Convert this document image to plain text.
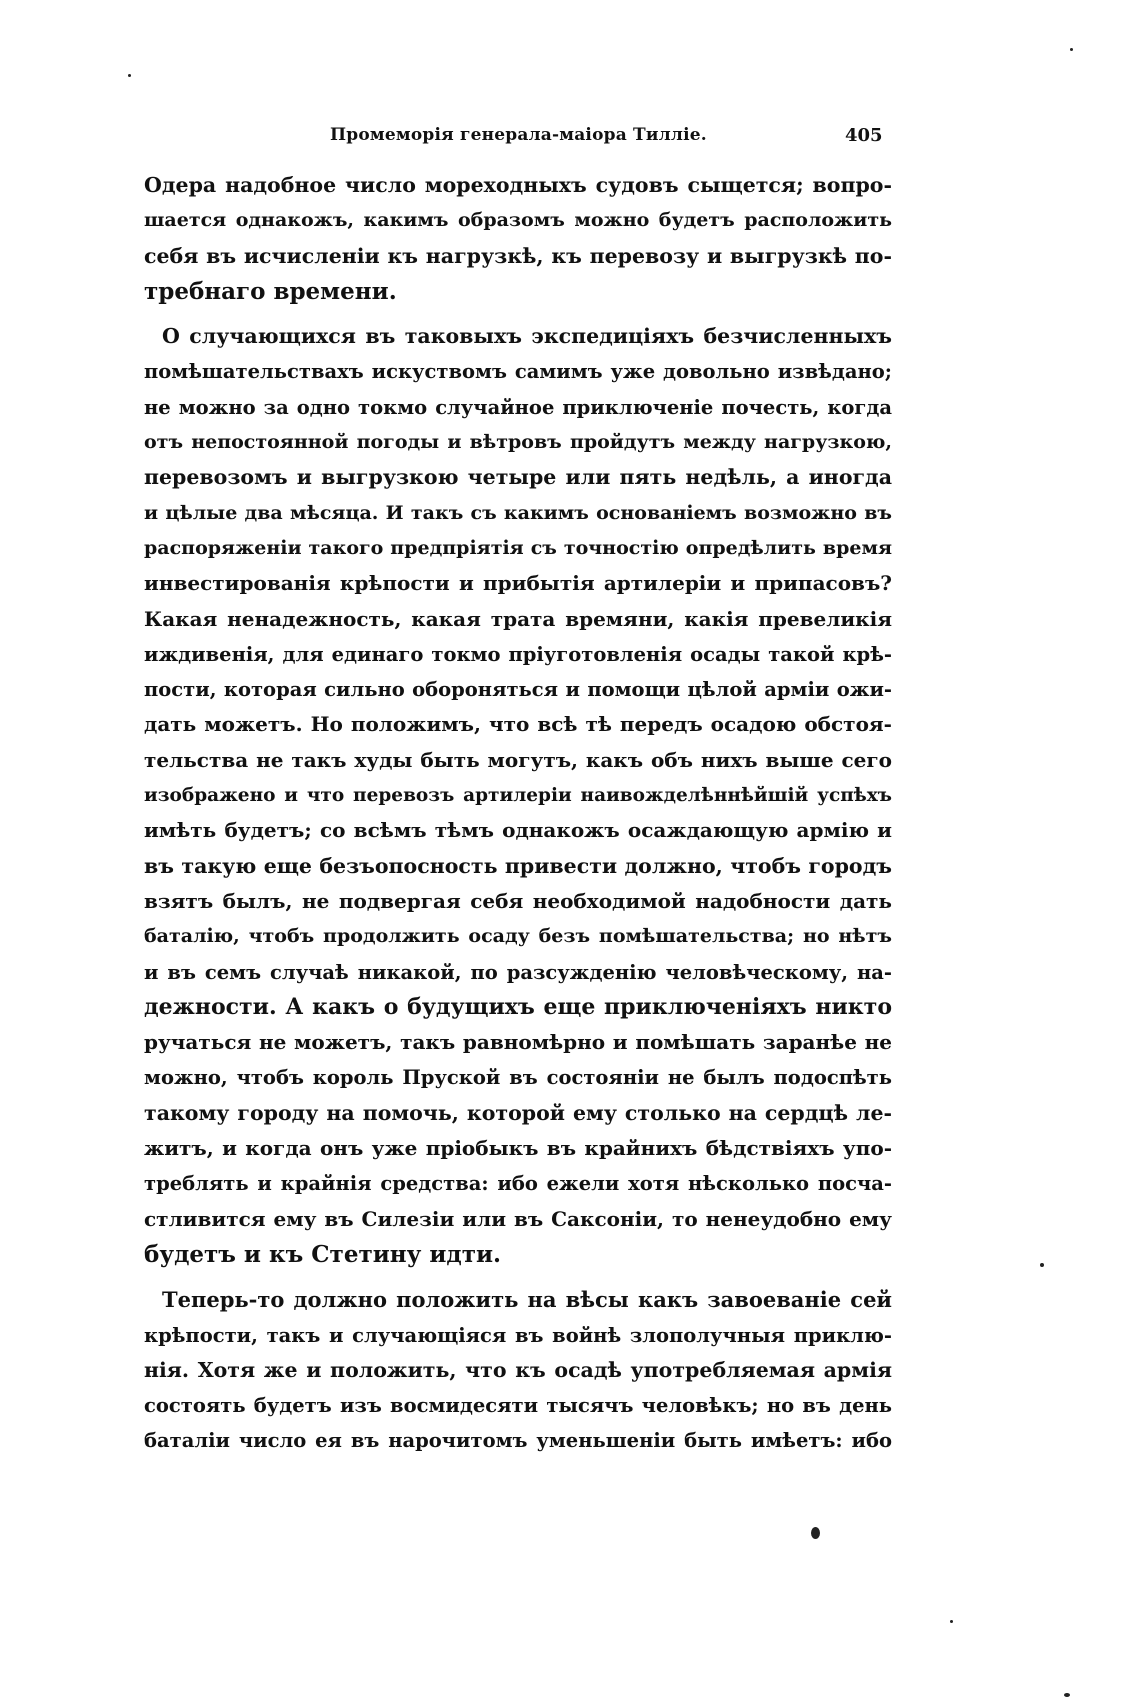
Промеморія генерала-маіора Тилліе.	405
Одера надобное число мореходныхъ судовъ сыщется; вопро-
шается однакожъ, какимъ образомъ можно будетъ расположить
себя въ исчисленіи къ нагрузкѣ, къ перевозу и выгрузкѣ по-
требнаго времени.
О случающихся въ таковыхъ экспедиціяхъ безчисленныхъ
помѣшательствахъ искуствомъ самимъ уже довольно извѣдано;
не можно за одно токмо случайное приключеніе почесть, когда
отъ непостоянной погоды и вѣтровъ пройдутъ между нагрузкою,
перевозомъ и выгрузкою четыре или пять недѣль, а иногда
и цѣлые два мѣсяца. И такъ съ какимъ основаніемъ возможно въ
распоряженіи такого предпріятія съ точностію опредѣлить время
инвестированія крѣпости и прибытія артилеріи и припасовъ?
Какая ненадежность, какая трата времяни, какія превеликія
иждивенія, для единаго токмо пріуготовленія осады такой крѣ-
пости, которая сильно обороняться и помощи цѣлой арміи ожи-
дать можетъ. Но положимъ, что всѣ тѣ передъ осадою обстоя-
тельства не такъ худы быть могутъ, какъ объ нихъ выше сего
изображено и что перевозъ артилеріи наивожделѣннѣйшій успѣхъ
имѣть будетъ; со всѣмъ тѣмъ однакожъ осаждающую армію и
въ такую еще безъопосность привести должно, чтобъ городъ
взятъ былъ, не подвергая себя необходимой надобности дать
баталію, чтобъ продолжить осаду безъ помѣшательства; но нѣтъ
и въ семъ случаѣ никакой, по разсужденію человѣческому, на-
дежности. А какъ о будущихъ еще приключеніяхъ никто
ручаться не можетъ, такъ равномѣрно и помѣшать заранѣе не
можно, чтобъ король Пруской въ состояніи не былъ подоспѣть
такому городу на помочь, которой ему столько на сердцѣ ле-
житъ, и когда онъ уже пріобыкъ въ крайнихъ бѣдствіяхъ упо-
треблять и крайнія средства: ибо ежели хотя нѣсколько посча-
стливится ему въ Силезіи или въ Саксоніи, то ненеудобно ему
будетъ и къ Стетину идти.
Теперь-то должно положить на вѣсы какъ завоеваніе сей
крѣпости, такъ и случающіяся въ войнѣ злополучныя приклю-
нія. Хотя же и положить, что къ осадѣ употребляемая армія
состоять будетъ изъ восмидесяти тысячъ человѣкъ; но въ день
баталіи число ея въ нарочитомъ уменьшеніи быть имѣетъ: ибо
